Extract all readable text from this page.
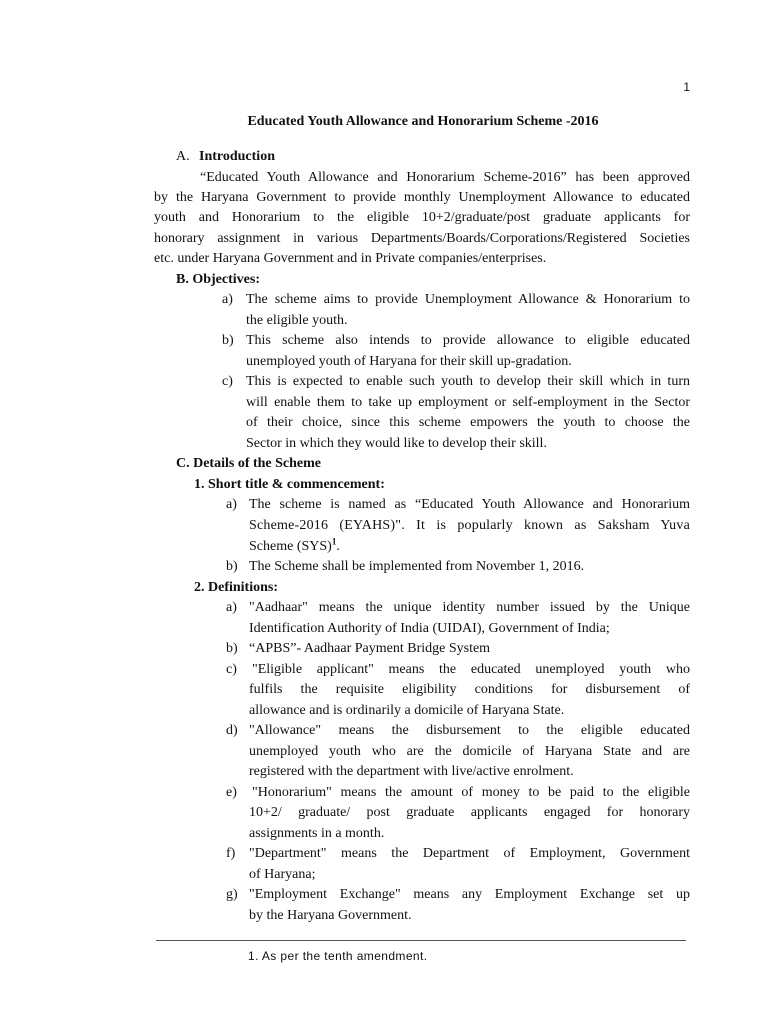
1
Educated Youth Allowance and Honorarium Scheme -2016
A. Introduction
“Educated Youth Allowance and Honorarium Scheme-2016” has been approved
by the Haryana Government to provide monthly Unemployment Allowance to educated
youth and Honorarium to the eligible 10+2/graduate/post graduate applicants for
honorary assignment in various Departments/Boards/Corporations/Registered Societies
etc. under Haryana Government and in Private companies/enterprises.
B. Objectives:
a) The scheme aims to provide Unemployment Allowance & Honorarium to
the eligible youth.
b) This scheme also intends to provide allowance to eligible educated
unemployed youth of Haryana for their skill up-gradation.
c) This is expected to enable such youth to develop their skill which in turn
will enable them to take up employment or self-employment in the Sector
of their choice, since this scheme empowers the youth to choose the
Sector in which they would like to develop their skill.
C. Details of the Scheme
1. Short title & commencement:
a) The scheme is named as “Educated Youth Allowance and Honorarium
Scheme-2016 (EYAHS)". It is popularly known as Saksham Yuva
Scheme (SYS)$^1$.
b) The Scheme shall be implemented from November 1, 2016.
2. Definitions:
a) "Aadhaar" means the unique identity number issued by the Unique
Identification Authority of India (UIDAI), Government of India;
b) “APBS”- Aadhaar Payment Bridge System
c) "Eligible applicant" means the educated unemployed youth who
fulfils the requisite eligibility conditions for disbursement of
allowance and is ordinarily a domicile of Haryana State.
d) "Allowance" means the disbursement to the eligible educated
unemployed youth who are the domicile of Haryana State and are
registered with the department with live/active enrolment.
e) "Honorarium" means the amount of money to be paid to the eligible
10+2/ graduate/ post graduate applicants engaged for honorary
assignments in a month.
f) "Department" means the Department of Employment, Government
of Haryana;
g) "Employment Exchange" means any Employment Exchange set up
by the Haryana Government.
1. As per the tenth amendment.
